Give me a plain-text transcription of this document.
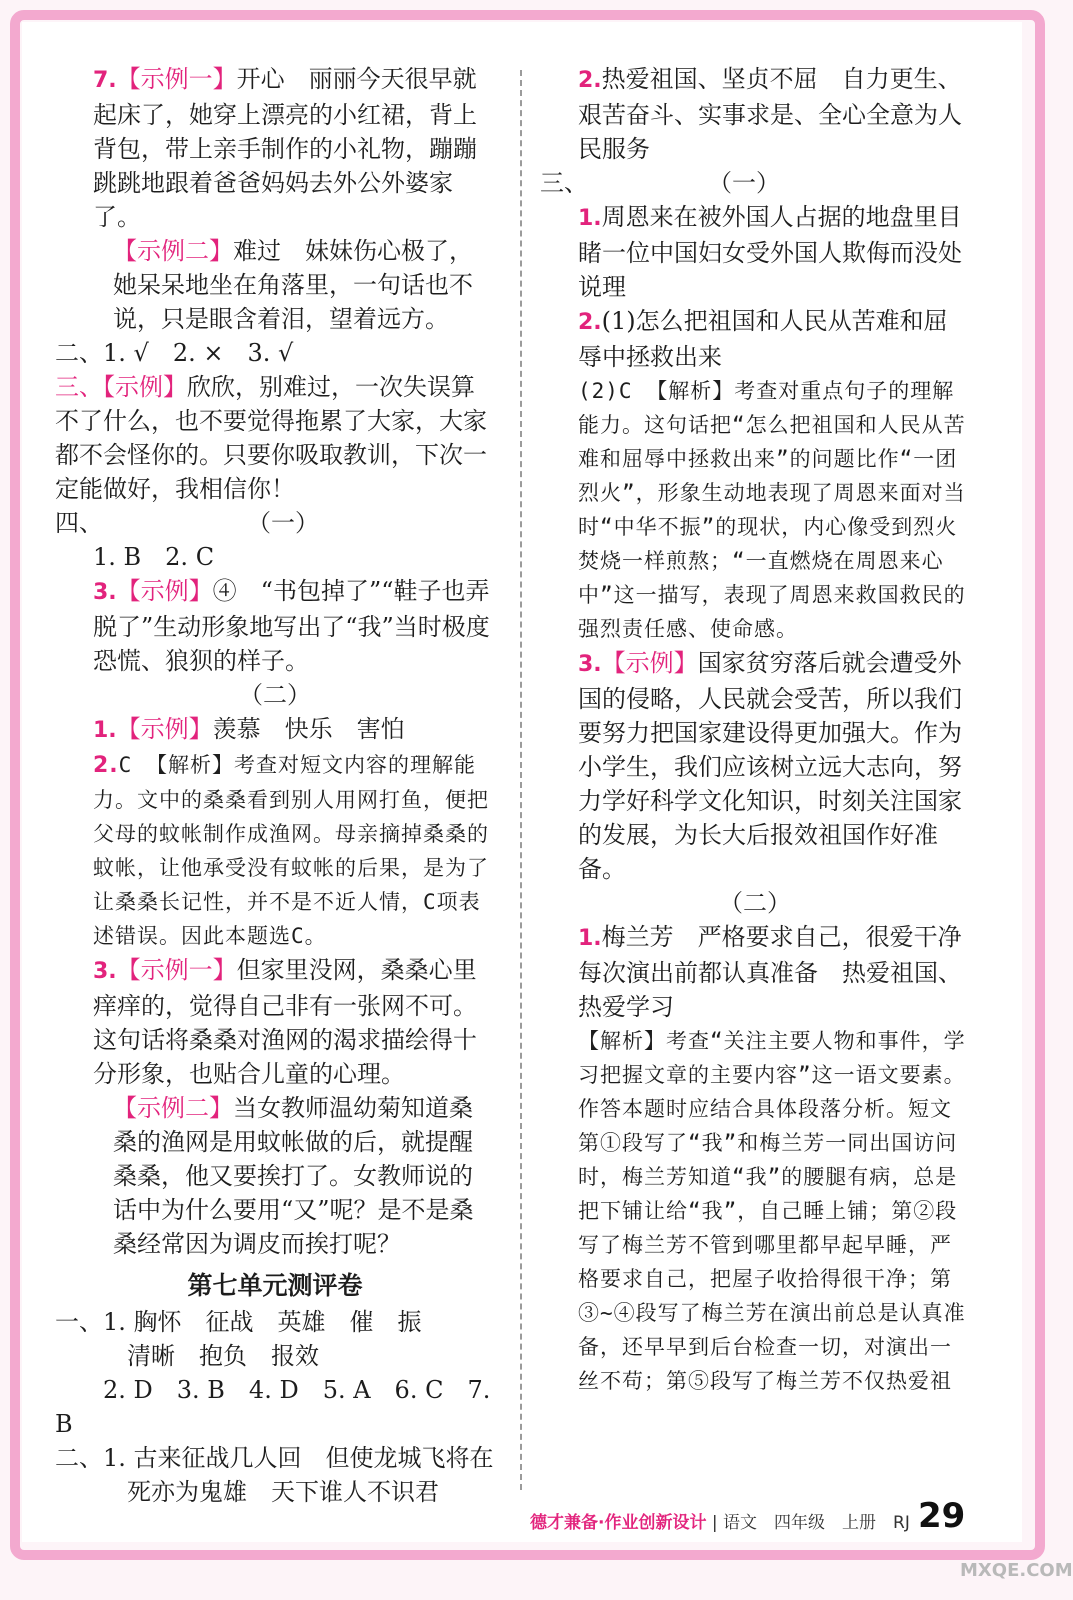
7.【示例一】开心　丽丽今天很早就起床了，她穿上漂亮的小红裙，背上背包，带上亲手制作的小礼物，蹦蹦跳跳地跟着爸爸妈妈去外公外婆家了。

【示例二】难过　妹妹伤心极了，她呆呆地坐在角落里，一句话也不说，只是眼含着泪，望着远方。

二、1. √　2. ×　3. √

三、【示例】欣欣，别难过，一次失误算不了什么，也不要觉得拖累了大家，大家都不会怪你的。只要你吸取教训，下次一定能做好，我相信你！

四、　　　　　　　（一）

1. B　2. C

3.【示例】④　“书包掉了”“鞋子也弄脱了”生动形象地写出了“我”当时极度恐慌、狼狈的样子。

（二）

1.【示例】羡慕　快乐　害怕

2.C 【解析】考查对短文内容的理解能力。文中的桑桑看到别人用网打鱼，便把父母的蚊帐制作成渔网。母亲摘掉桑桑的蚊帐，让他承受没有蚊帐的后果，是为了让桑桑长记性，并不是不近人情，C项表述错误。因此本题选C。

3.【示例一】但家里没网，桑桑心里痒痒的，觉得自己非有一张网不可。这句话将桑桑对渔网的渴求描绘得十分形象，也贴合儿童的心理。

【示例二】当女教师温幼菊知道桑桑的渔网是用蚊帐做的后，就提醒桑桑，他又要挨打了。女教师说的话中为什么要用“又”呢？是不是桑桑经常因为调皮而挨打呢？

第七单元测评卷

一、1. 胸怀　征战　英雄　催　振

　　　清晰　抱负　报效

　　2. D　3. B　4. D　5. A　6. C　7. B

二、1. 古来征战几人回　但使龙城飞将在

　　　死亦为鬼雄　天下谁人不识君

2.热爱祖国、坚贞不屈　自力更生、艰苦奋斗、实事求是、全心全意为人民服务

三、　　　　　　（一）

1.周恩来在被外国人占据的地盘里目睹一位中国妇女受外国人欺侮而没处说理

2.(1)怎么把祖国和人民从苦难和屈辱中拯救出来

(2)C 【解析】考查对重点句子的理解能力。这句话把“怎么把祖国和人民从苦难和屈辱中拯救出来”的问题比作“一团烈火”，形象生动地表现了周恩来面对当时“中华不振”的现状，内心像受到烈火焚烧一样煎熬；“一直燃烧在周恩来心中”这一描写，表现了周恩来救国救民的强烈责任感、使命感。

3.【示例】国家贫穷落后就会遭受外国的侵略，人民就会受苦，所以我们要努力把国家建设得更加强大。作为小学生，我们应该树立远大志向，努力学好科学文化知识，时刻关注国家的发展，为长大后报效祖国作好准备。

（二）

1.梅兰芳　严格要求自己，很爱干净　每次演出前都认真准备　热爱祖国、热爱学习

【解析】考查“关注主要人物和事件，学习把握文章的主要内容”这一语文要素。作答本题时应结合具体段落分析。短文第①段写了“我”和梅兰芳一同出国访问时，梅兰芳知道“我”的腰腿有病，总是把下铺让给“我”，自己睡上铺；第②段写了梅兰芳不管到哪里都早起早睡，严格要求自己，把屋子收拾得很干净；第③~④段写了梅兰芳在演出前总是认真准备，还早早到后台检查一切，对演出一丝不苟；第⑤段写了梅兰芳不仅热爱祖

德才兼备·作业创新设计 | 语文　四年级　上册　RJ 29
MXQE.COM
